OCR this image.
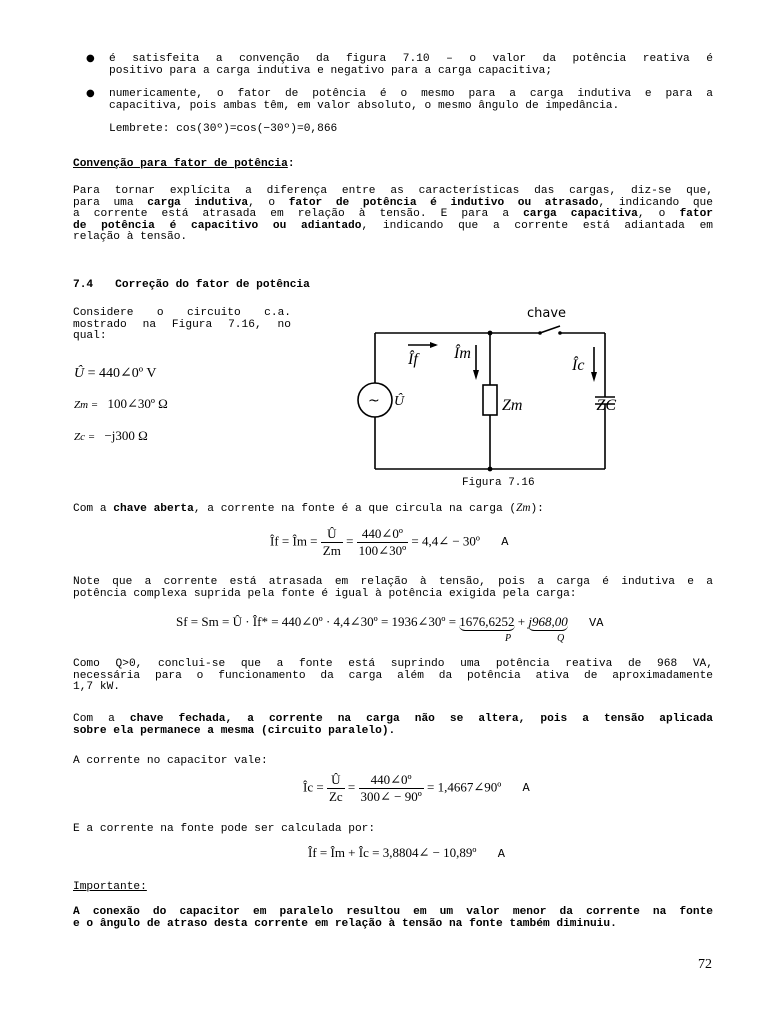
● é satisfeita a convenção da figura 7.10 – o valor da potência reativa é
positivo para a carga indutiva e negativo para a carga capacitiva;
● numericamente, o fator de potência é o mesmo para a carga indutiva e para a
capacitiva, pois ambas têm, em valor absoluto, o mesmo ângulo de impedância.
Lembrete: cos(30º)=cos(−30º)=0,866
Convenção para fator de potência:
Para tornar explícita a diferença entre as características das cargas, diz-se que,
para uma carga indutiva, o fator de potência é indutivo ou atrasado, indicando que
a corrente está atrasada em relação à tensão. E para a carga capacitiva, o fator
de potência é capacitivo ou adiantado, indicando que a corrente está adiantada em
relação à tensão.
7.4 Correção do fator de potência
Considere o circuito c.a.
mostrado na Figura 7.16, no
qual:
Û = 440∠0º V
Zm = 100∠30º Ω
Zc = −j300 Ω
Îf Îm
Îc
Zm	ZC
Û
~
chave
Figura 7.16
Com a chave aberta, a corrente na fonte é a que circula na carga (Zm):
Îf = Îm = $\frac{Û}{Zm} = \frac{\text{440∠0º}}{\text{100∠30º}}$ = 4,4∠ − 30º A
Note que a corrente está atrasada em relação à tensão, pois a carga é indutiva e a
potência complexa suprida pela fonte é igual à potência exigida pela carga:
Sf = Sm = Û · Îf* = 440∠0º · 4,4∠30º = 1936∠30º = 1676,6252 + j968,00 VA
P	Q
Como Q>0, conclui-se que a fonte está suprindo uma potência reativa de 968 VA,
necessária para o funcionamento da carga além da potência ativa de aproximadamente
1,7 kW.
Com a chave fechada, a corrente na carga não se altera, pois a tensão aplicada
sobre ela permanece a mesma (circuito paralelo).
A corrente no capacitor vale:
Îc = $\frac{Û}{Zc} = \frac{\text{440∠0º}}{\text{300∠ − 90º}}$ = 1,4667∠90º A
E a corrente na fonte pode ser calculada por:
Îf = Îm + Îc = 3,8804∠ − 10,89º A
Importante:
A conexão do capacitor em paralelo resultou em um valor menor da corrente na fonte
e o ângulo de atraso desta corrente em relação à tensão na fonte também diminuiu.
72
